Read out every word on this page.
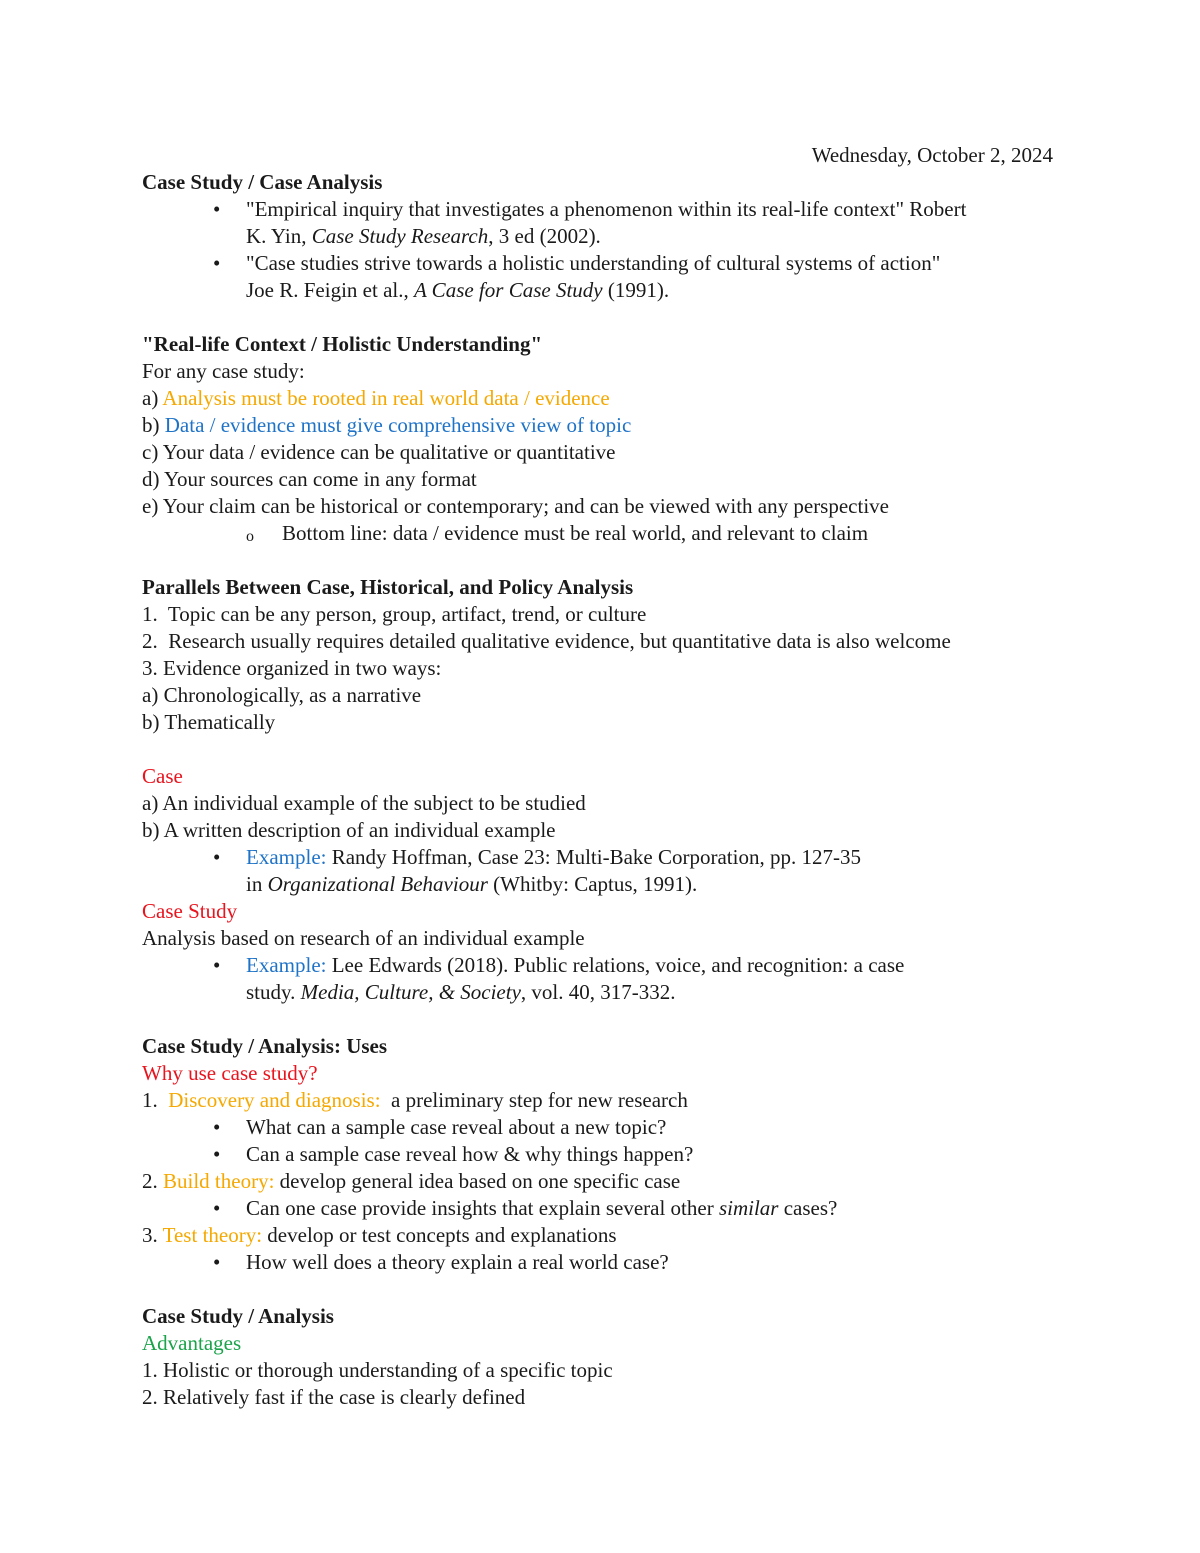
Wednesday, October 2, 2024

Case Study / Case Analysis

• "Empirical inquiry that investigates a phenomenon within its real-life context" Robert

K. Yin, Case Study Research, 3 ed (2002).

• "Case studies strive towards a holistic understanding of cultural systems of action"

Joe R. Feigin et al., A Case for Case Study (1991).

"Real-life Context / Holistic Understanding"

For any case study:

a) Analysis must be rooted in real world data / evidence

b) Data / evidence must give comprehensive view of topic

c) Your data / evidence can be qualitative or quantitative

d) Your sources can come in any format

e) Your claim can be historical or contemporary; and can be viewed with any perspective

o Bottom line: data / evidence must be real world, and relevant to claim

Parallels Between Case, Historical, and Policy Analysis

1.  Topic can be any person, group, artifact, trend, or culture

2.  Research usually requires detailed qualitative evidence, but quantitative data is also welcome

3. Evidence organized in two ways:

a) Chronologically, as a narrative

b) Thematically

Case

a) An individual example of the subject to be studied

b) A written description of an individual example

• Example: Randy Hoffman, Case 23: Multi-Bake Corporation, pp. 127-35

in Organizational Behaviour (Whitby: Captus, 1991).

Case Study

Analysis based on research of an individual example

• Example: Lee Edwards (2018). Public relations, voice, and recognition: a case

study. Media, Culture, & Society, vol. 40, 317-332.

Case Study / Analysis: Uses

Why use case study?

1.  Discovery and diagnosis:  a preliminary step for new research

• What can a sample case reveal about a new topic?

• Can a sample case reveal how & why things happen?

2. Build theory: develop general idea based on one specific case

• Can one case provide insights that explain several other similar cases?

3. Test theory: develop or test concepts and explanations

• How well does a theory explain a real world case?

Case Study / Analysis

Advantages

1. Holistic or thorough understanding of a specific topic

2. Relatively fast if the case is clearly defined
